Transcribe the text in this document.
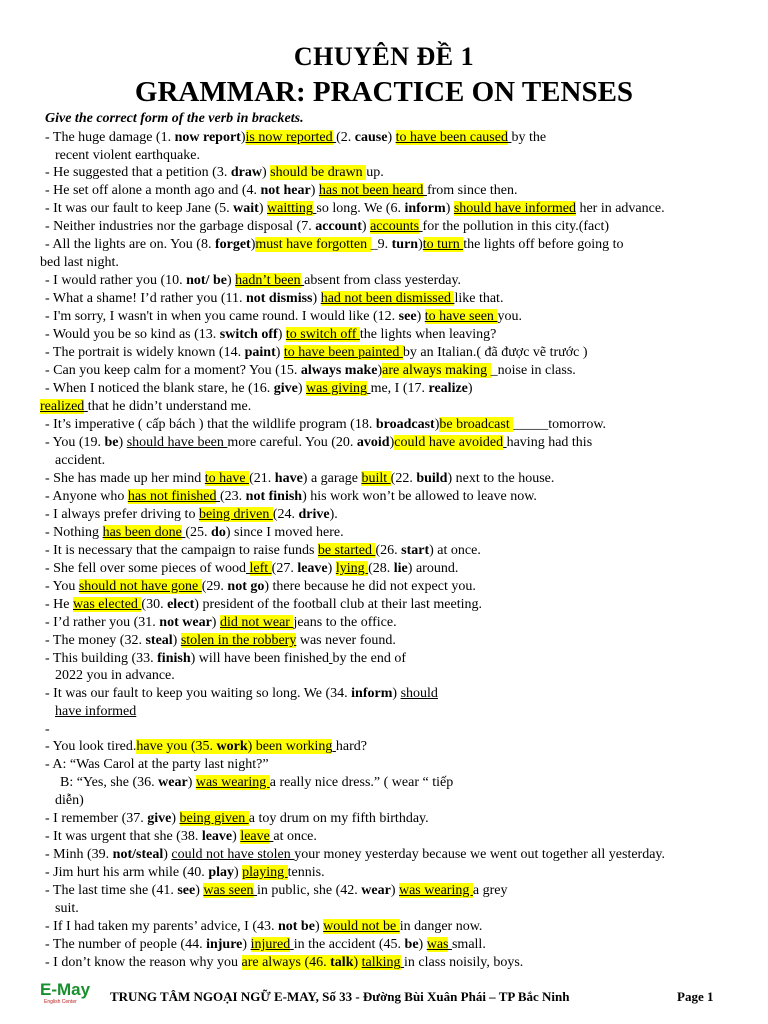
CHUYÊN ĐỀ 1
GRAMMAR: PRACTICE ON TENSES
Give the correct form of the verb in brackets.
- The huge damage (1. now report)is now reported (2. cause) to have been caused by the
recent violent earthquake.
- He suggested that a petition (3. draw) should be drawn up.
- He set off alone a month ago and (4. not hear) has not been heard from since then.
- It was our fault to keep Jane (5. wait) waitting so long. We (6. inform) should have informed her in advance.
- Neither industries nor the garbage disposal (7. account) accounts for the pollution in this city.(fact)
- All the lights are on. You (8. forget)must have forgotten _9. turn)to turn the lights off before going to
bed last night.
- I would rather you (10. not/ be) hadn’t been absent from class yesterday.
- What a shame! I’d rather you (11. not dismiss) had not been dismissed like that.
- I'm sorry, I wasn't in when you came round. I would like (12. see) to have seen you.
- Would you be so kind as (13. switch off) to switch off the lights when leaving?
- The portrait is widely known (14. paint) to have been painted by an Italian.( đã được vẽ trước )
- Can you keep calm for a moment? You (15. always make)are always making _noise in class.
- When I noticed the blank stare, he (16. give) was giving me, I (17. realize)
realized that he didn’t understand me.
- It’s imperative ( cấp bách ) that the wildlife program (18. broadcast)be broadcast _____tomorrow.
- You (19. be) should have been more careful. You (20. avoid)could have avoided having had this
accident.
- She has made up her mind to have (21. have) a garage built (22. build) next to the house.
- Anyone who has not finished (23. not finish) his work won’t be allowed to leave now.
- I always prefer driving to being driven (24. drive).
- Nothing has been done (25. do) since I moved here.
- It is necessary that the campaign to raise funds be started (26. start) at once.
- She fell over some pieces of wood left (27. leave) lying (28. lie) around.
- You should not have gone (29. not go) there because he did not expect you.
- He was elected (30. elect) president of the football club at their last meeting.
- I’d rather you (31. not wear) did not wear jeans to the office.
- The money (32. steal) stolen in the robbery was never found.
- This building (33. finish) will have been finished by the end of
2022 you in advance.
- It was our fault to keep you waiting so long. We (34. inform) should
have informed
-
- You look tired.have you (35. work) been working hard?
- A: “Was Carol at the party last night?”
B: “Yes, she (36. wear) was wearing a really nice dress.” ( wear “ tiếp
diễn)
- I remember (37. give) being given a toy drum on my fifth birthday.
- It was urgent that she (38. leave) leave at once.
- Minh (39. not/steal) could not have stolen your money yesterday because we went out together all yesterday.
- Jim hurt his arm while (40. play) playing tennis.
- The last time she (41. see) was seen in public, she (42. wear) was wearing a grey
suit.
- If I had taken my parents’ advice, I (43. not be) would not be in danger now.
- The number of people (44. injure) injured in the accident (45. be) was small.
- I don’t know the reason why you are always (46. talk) talking in class noisily, boys.
E-May
English Center	TRUNG TÂM NGOẠI NGỮ E-MAY, Số 33 - Đường Bùi Xuân Phái – TP Bắc Ninh	Page 1
